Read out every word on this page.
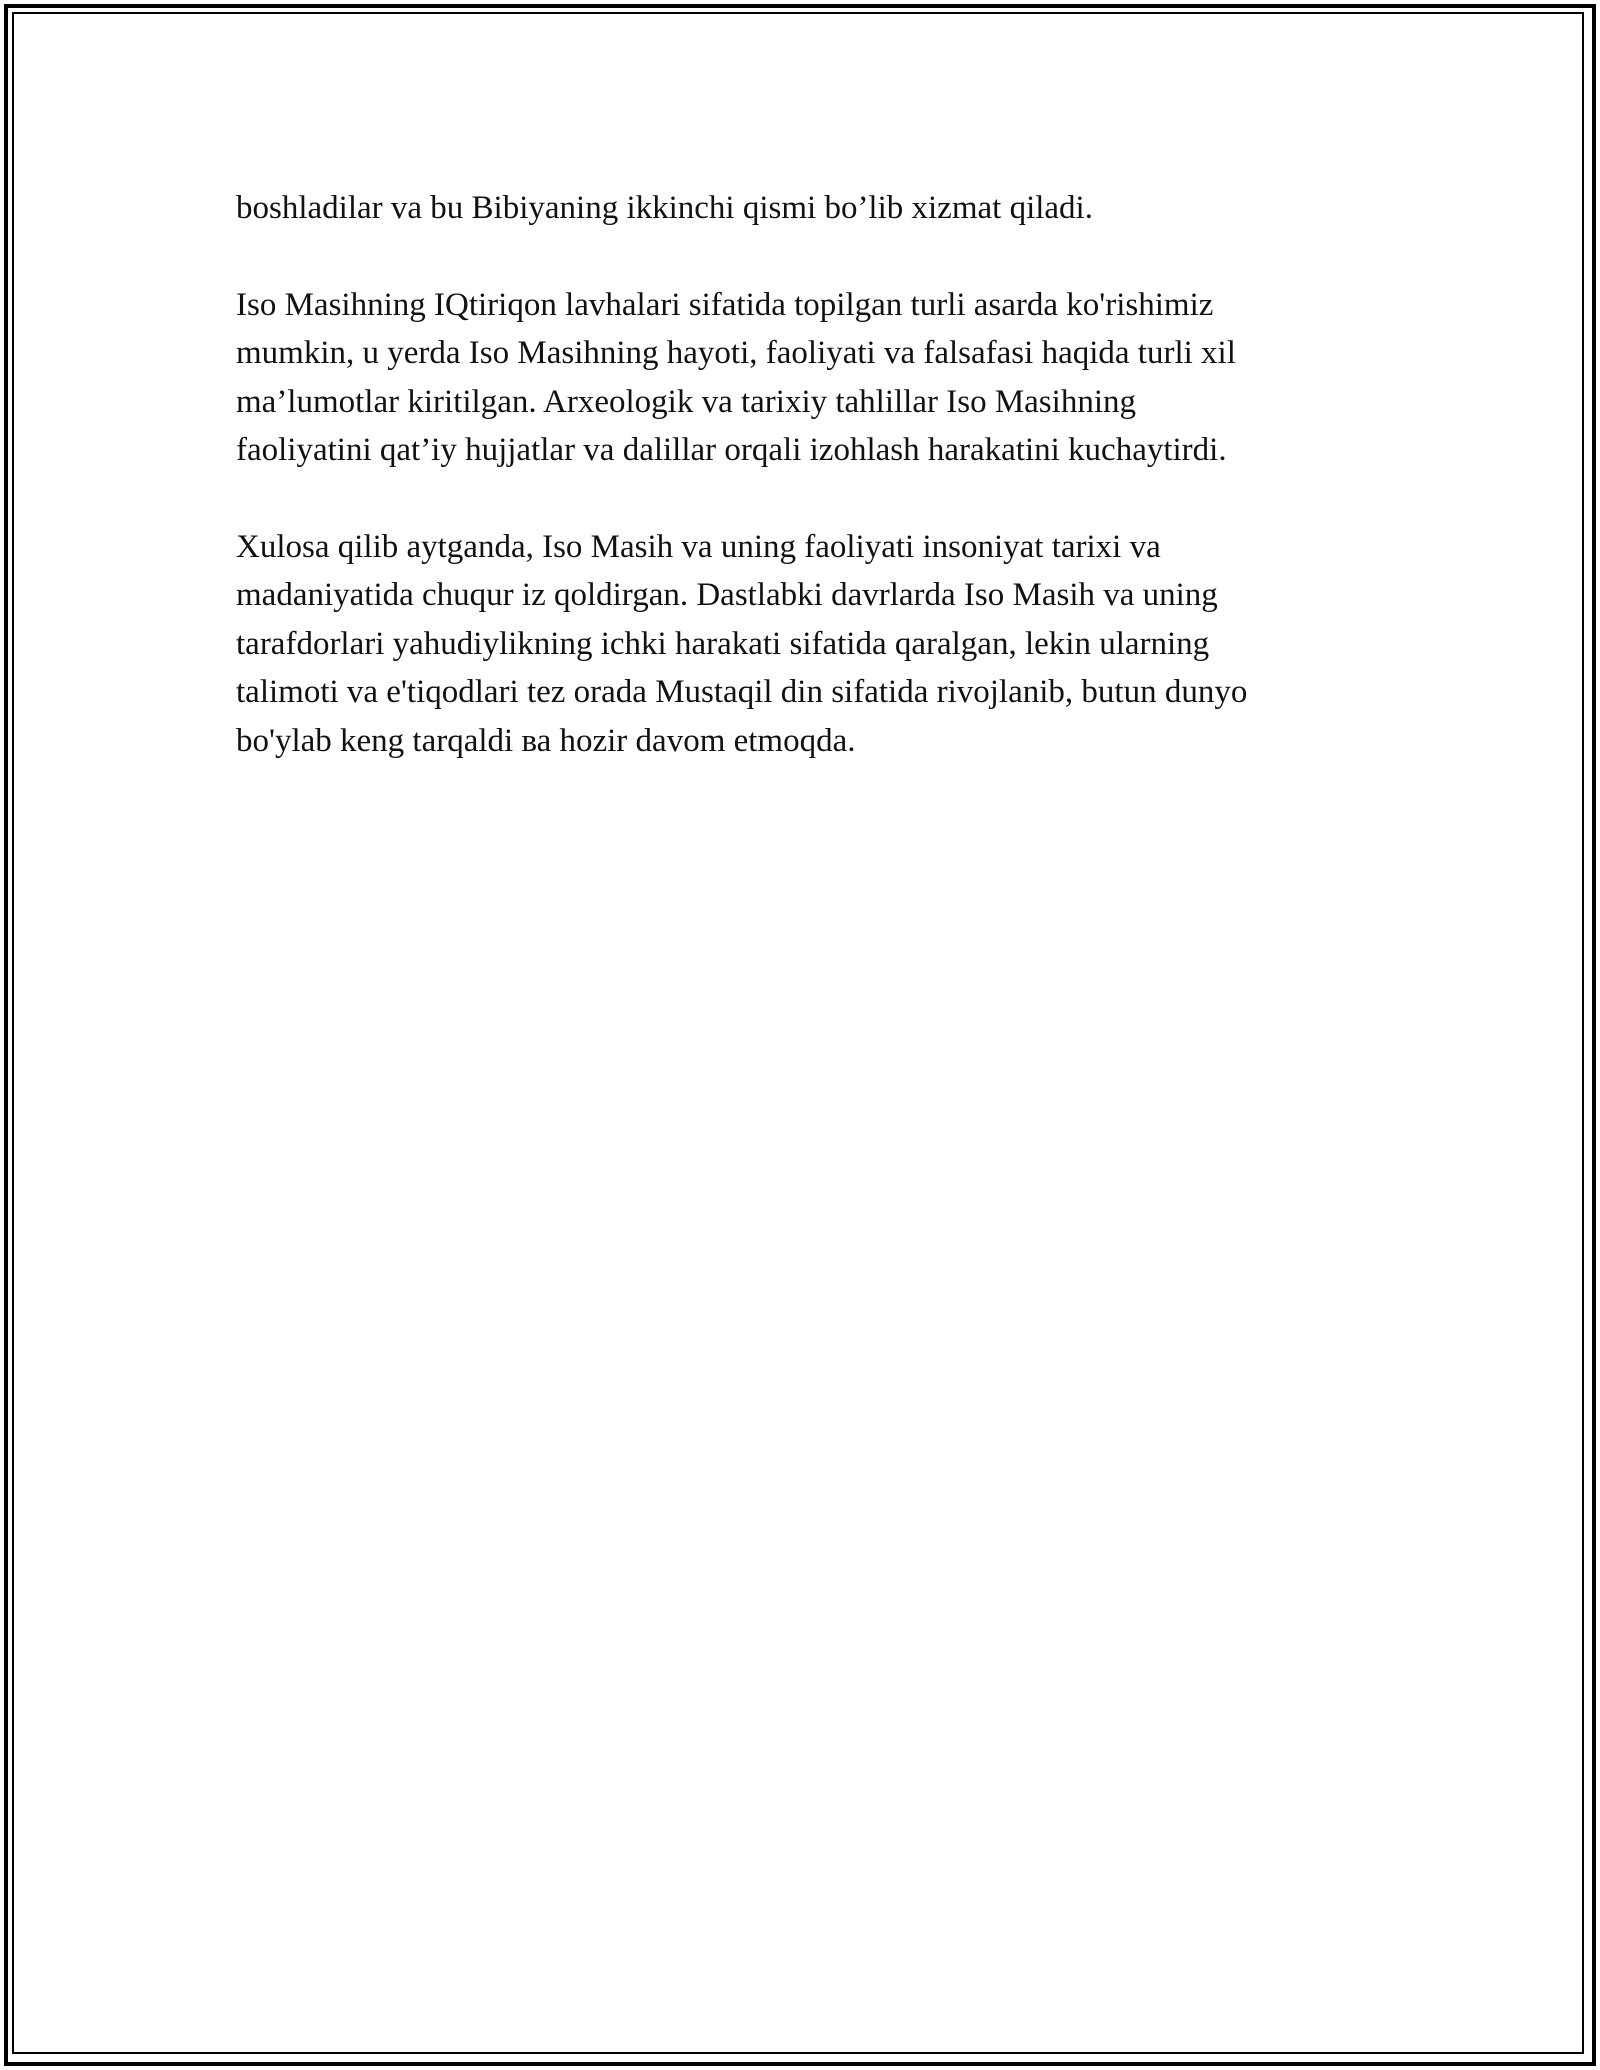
boshladilar va bu Bibiyaning ikkinchi qismi bo’lib xizmat qiladi.

Iso Masihning IQtiriqon lavhalari sifatida topilgan turli asarda ko'rishimiz
mumkin, u yerda Iso Masihning hayoti, faoliyati va falsafasi haqida turli xil
ma’lumotlar kiritilgan. Arxeologik va tarixiy tahlillar Iso Masihning
faoliyatini qat’iy hujjatlar va dalillar orqali izohlash harakatini kuchaytirdi.

Xulosa qilib aytganda, Iso Masih va uning faoliyati insoniyat tarixi va
madaniyatida chuqur iz qoldirgan. Dastlabki davrlarda Iso Masih va uning
tarafdorlari yahudiylikning ichki harakati sifatida qaralgan, lekin ularning
talimoti va e'tiqodlari tez orada Mustaqil din sifatida rivojlanib, butun dunyo
bo'ylab keng tarqaldi ва hozir davom etmoqda.
